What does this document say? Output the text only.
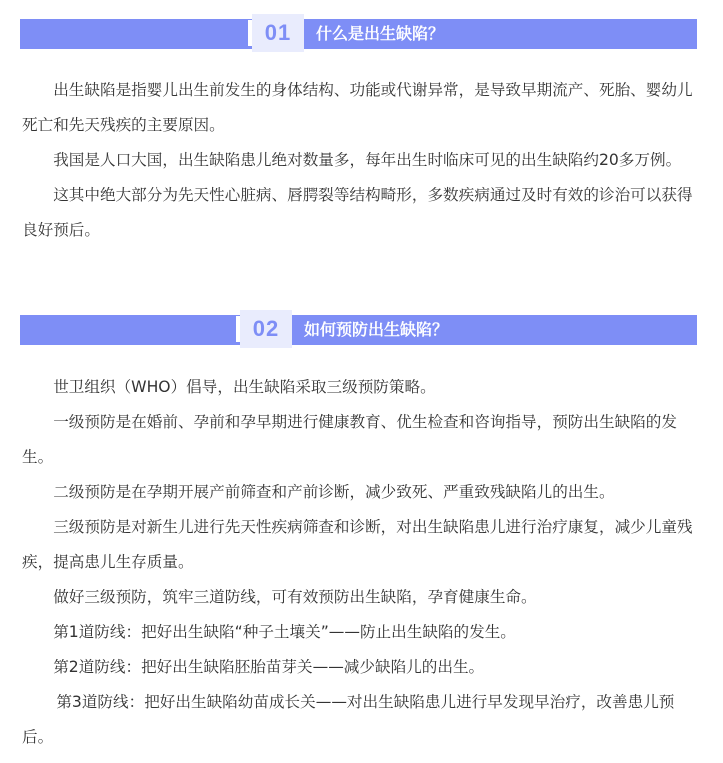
01	什么是出生缺陷？

出生缺陷是指婴儿出生前发生的身体结构、功能或代谢异常，是导致早期流产、死胎、婴幼儿死亡和先天残疾的主要原因。

我国是人口大国，出生缺陷患儿绝对数量多，每年出生时临床可见的出生缺陷约20多万例。

这其中绝大部分为先天性心脏病、唇腭裂等结构畸形，多数疾病通过及时有效的诊治可以获得良好预后。

02	如何预防出生缺陷？

世卫组织（WHO）倡导，出生缺陷采取三级预防策略。

一级预防是在婚前、孕前和孕早期进行健康教育、优生检查和咨询指导，预防出生缺陷的发生。

二级预防是在孕期开展产前筛查和产前诊断，减少致死、严重致残缺陷儿的出生。

三级预防是对新生儿进行先天性疾病筛查和诊断，对出生缺陷患儿进行治疗康复，减少儿童残疾，提高患儿生存质量。

做好三级预防，筑牢三道防线，可有效预防出生缺陷，孕育健康生命。

第1道防线：把好出生缺陷“种子土壤关”——防止出生缺陷的发生。

第2道防线：把好出生缺陷胚胎苗芽关——减少缺陷儿的出生。

第3道防线：把好出生缺陷幼苗成长关——对出生缺陷患儿进行早发现早治疗，改善患儿预后。
